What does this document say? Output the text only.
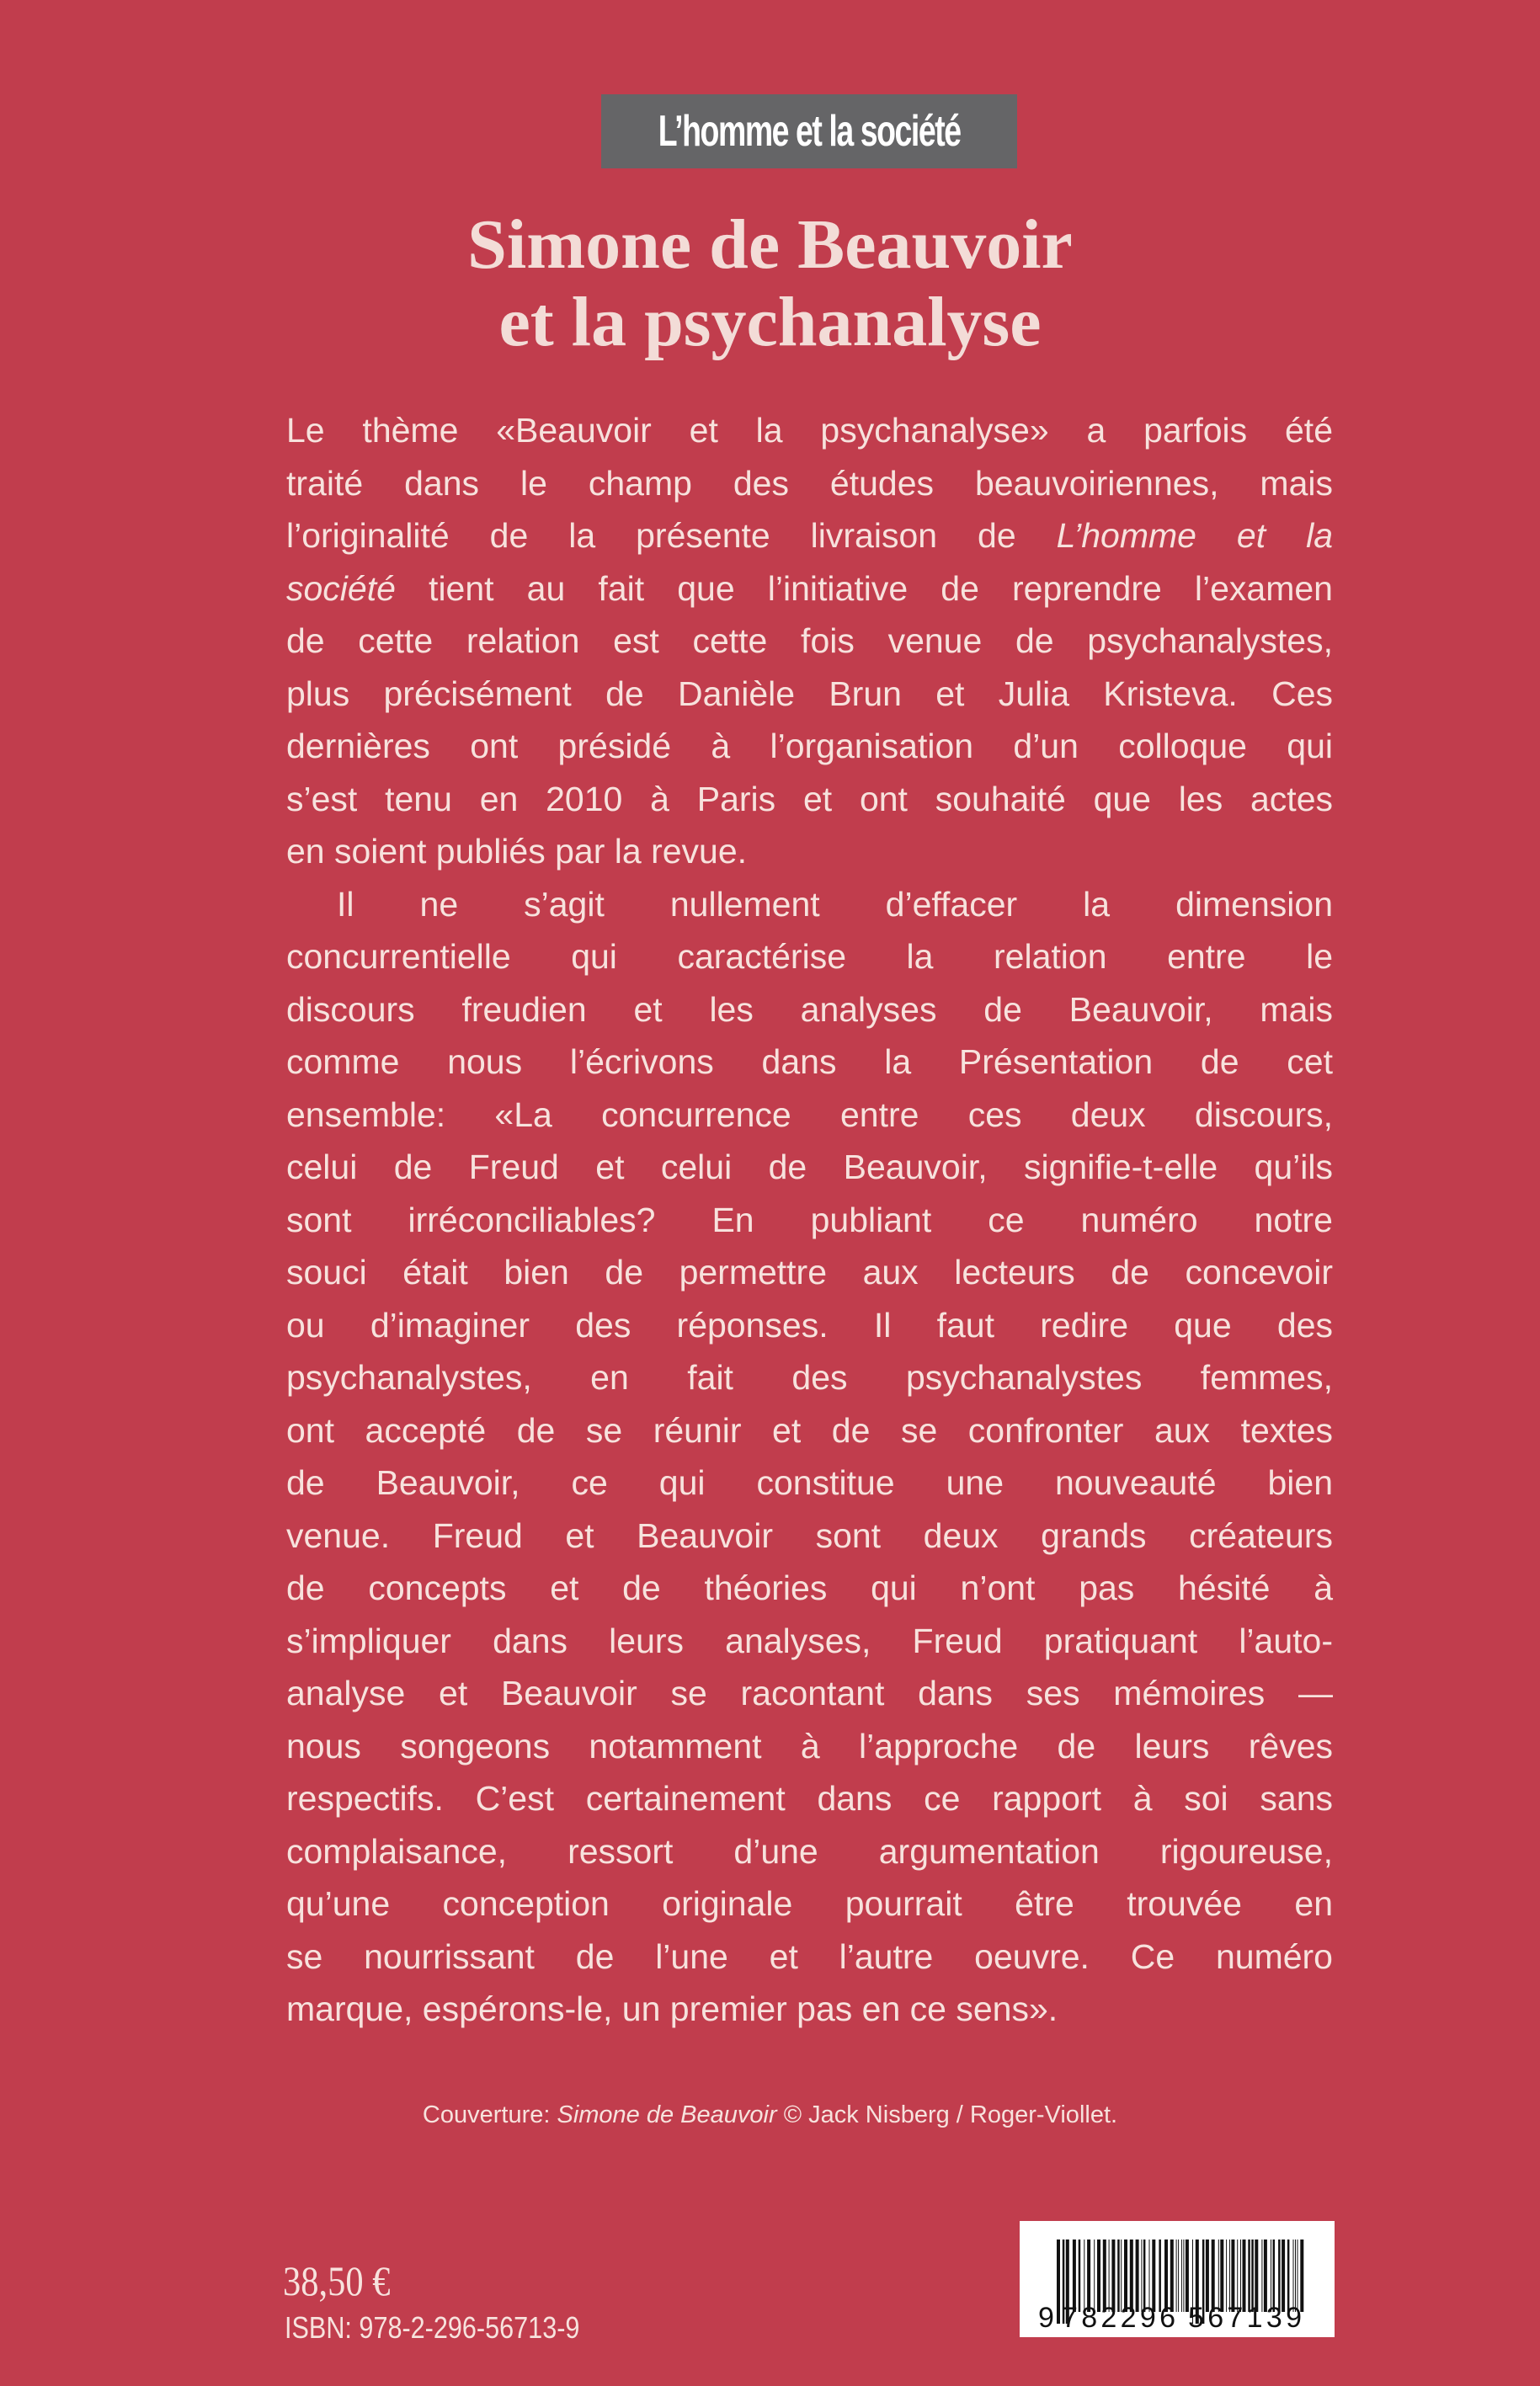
L’homme et la société
Simone de Beauvoir
et la psychanalyse
Le thème «Beauvoir et la psychanalyse» a parfois été
traité dans le champ des études beauvoiriennes, mais
l’originalité de la présente livraison de L’homme et la
société tient au fait que l’initiative de reprendre l’examen
de cette relation est cette fois venue de psychanalystes,
plus précisément de Danièle Brun et Julia Kristeva. Ces
dernières ont présidé à l’organisation d’un colloque qui
s’est tenu en 2010 à Paris et ont souhaité que les actes
en soient publiés par la revue.
Il ne s’agit nullement d’effacer la dimension
concurrentielle qui caractérise la relation entre le
discours freudien et les analyses de Beauvoir, mais
comme nous l’écrivons dans la Présentation de cet
ensemble: «La concurrence entre ces deux discours,
celui de Freud et celui de Beauvoir, signifie-t-elle qu’ils
sont irréconciliables? En publiant ce numéro notre
souci était bien de permettre aux lecteurs de concevoir
ou d’imaginer des réponses. Il faut redire que des
psychanalystes, en fait des psychanalystes femmes,
ont accepté de se réunir et de se confronter aux textes
de Beauvoir, ce qui constitue une nouveauté bien
venue. Freud et Beauvoir sont deux grands créateurs
de concepts et de théories qui n’ont pas hésité à
s’impliquer dans leurs analyses, Freud pratiquant l’auto-
analyse et Beauvoir se racontant dans ses mémoires —
nous songeons notamment à l’approche de leurs rêves
respectifs. C’est certainement dans ce rapport à soi sans
complaisance, ressort d’une argumentation rigoureuse,
qu’une conception originale pourrait être trouvée en
se nourrissant de l’une et l’autre oeuvre. Ce numéro
marque, espérons-le, un premier pas en ce sens».
Couverture: Simone de Beauvoir © Jack Nisberg / Roger-Viollet.
38,50 €
ISBN: 978-2-296-56713-9	9 782296 567139
